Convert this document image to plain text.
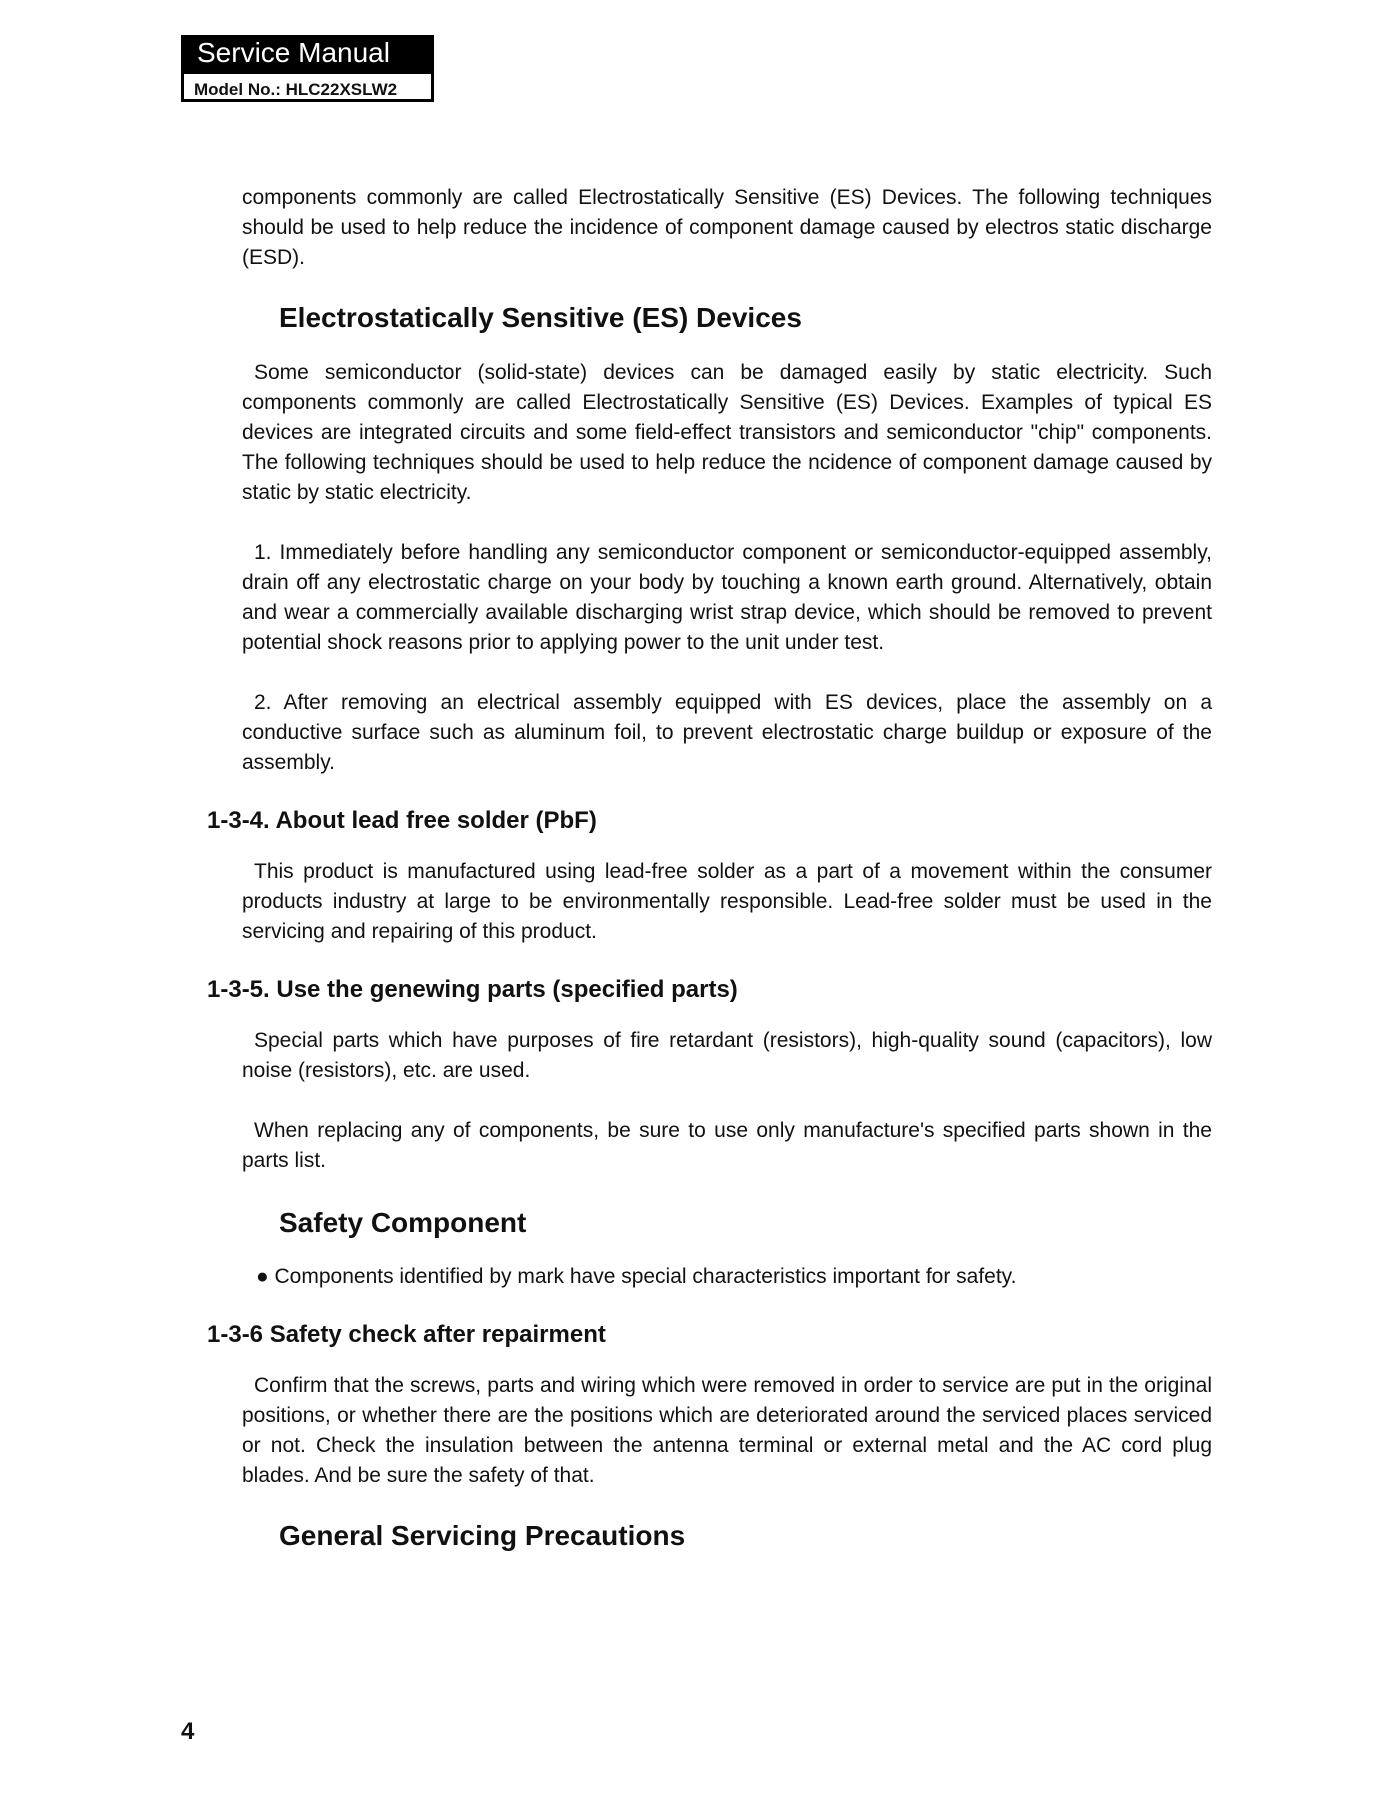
Service Manual
Model No.: HLC22XSLW2

components commonly are called Electrostatically Sensitive (ES) Devices. The following techniques should be used to help reduce the incidence of component damage caused by electros static discharge (ESD).

Electrostatically Sensitive (ES) Devices

Some semiconductor (solid-state) devices can be damaged easily by static electricity. Such components commonly are called Electrostatically Sensitive (ES) Devices. Examples of typical ES devices are integrated circuits and some field-effect transistors and semiconductor "chip" components. The following techniques should be used to help reduce the ncidence of component damage caused by static by static electricity.

1. Immediately before handling any semiconductor component or semiconductor-equipped assembly, drain off any electrostatic charge on your body by touching a known earth ground. Alternatively, obtain and wear a commercially available discharging wrist strap device, which should be removed to prevent potential shock reasons prior to applying power to the unit under test.

2. After removing an electrical assembly equipped with ES devices, place the assembly on a conductive surface such as aluminum foil, to prevent electrostatic charge buildup or exposure of the assembly.

1-3-4. About lead free solder (PbF)

This product is manufactured using lead-free solder as a part of a movement within the consumer products industry at large to be environmentally responsible. Lead-free solder must be used in the servicing and repairing of this product.

1-3-5. Use the genewing parts (specified parts)

Special parts which have purposes of fire retardant (resistors), high-quality sound (capacitors), low noise (resistors), etc. are used.

When replacing any of components, be sure to use only manufacture's specified parts shown in the parts list.

Safety Component

● Components identified by mark have special characteristics important for safety.

1-3-6 Safety check after repairment

Confirm that the screws, parts and wiring which were removed in order to service are put in the original positions, or whether there are the positions which are deteriorated around the serviced places serviced or not. Check the insulation between the antenna terminal or external metal and the AC cord plug blades. And be sure the safety of that.

General Servicing Precautions
4
